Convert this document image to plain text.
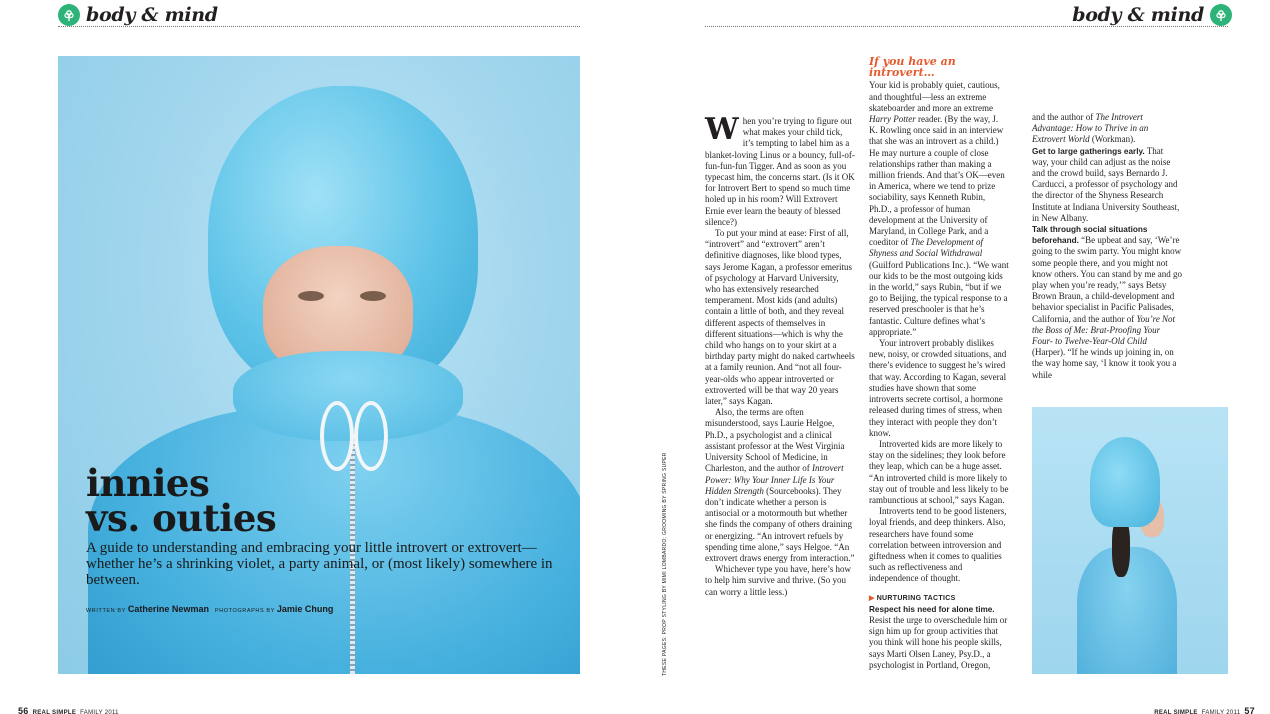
body & mind	body & mind
innies
vs. outies
A guide to understanding and embracing your little introvert or extrovert—whether he’s a shrinking violet, a party animal, or (most likely) somewhere in between.
WRITTEN BY Catherine Newman PHOTOGRAPHS BY Jamie Chung	THESE PAGES: PROP STYLING BY MIMI LOMBARDO; GROOMING BY SPRING SUPER

When you’re trying to figure out what makes your child tick, it’s tempting to label him as a blanket-loving Linus or a bouncy, full-of-fun-fun-fun Tigger. And as soon as you typecast him, the concerns start. (Is it OK for Introvert Bert to spend so much time holed up in his room? Will Extrovert Ernie ever learn the beauty of blessed silence?)

To put your mind at ease: First of all, “introvert” and “extrovert” aren’t definitive diagnoses, like blood types, says Jerome Kagan, a professor emeritus of psychology at Harvard University, who has extensively researched temperament. Most kids (and adults) contain a little of both, and they reveal different aspects of themselves in different situations—which is why the child who hangs on to your skirt at a birthday party might do naked cartwheels at a family reunion. And “not all four-year-olds who appear introverted or extroverted will be that way 20 years later,” says Kagan.

Also, the terms are often misunderstood, says Laurie Helgoe, Ph.D., a psychologist and a clinical assistant professor at the West Virginia University School of Medicine, in Charleston, and the author of Introvert Power: Why Your Inner Life Is Your Hidden Strength (Sourcebooks). They don’t indicate whether a person is antisocial or a motormouth but whether she finds the company of others draining or energizing. “An introvert refuels by spending time alone,” says Helgoe. “An extrovert draws energy from interaction.”

Whichever type you have, here’s how to help him survive and thrive. (So you can worry a little less.)

If you have an introvert…

Your kid is probably quiet, cautious, and thoughtful—less an extreme skateboarder and more an extreme Harry Potter reader. (By the way, J. K. Rowling once said in an interview that she was an introvert as a child.) He may nurture a couple of close relationships rather than making a million friends. And that’s OK—even in America, where we tend to prize sociability, says Kenneth Rubin, Ph.D., a professor of human development at the University of Maryland, in College Park, and a coeditor of The Development of Shyness and Social Withdrawal (Guilford Publications Inc.). “We want our kids to be the most outgoing kids in the world,” says Rubin, “but if we go to Beijing, the typical response to a reserved preschooler is that he’s fantastic. Culture defines what’s appropriate.”

Your introvert probably dislikes new, noisy, or crowded situations, and there’s evidence to suggest he’s wired that way. According to Kagan, several studies have shown that some introverts secrete cortisol, a hormone released during times of stress, when they interact with people they don’t know.

Introverted kids are more likely to stay on the sidelines; they look before they leap, which can be a huge asset. “An introverted child is more likely to stay out of trouble and less likely to be rambunctious at school,” says Kagan.

Introverts tend to be good listeners, loyal friends, and deep thinkers. Also, researchers have found some correlation between introversion and giftedness when it comes to qualities such as reflectiveness and independence of thought.

▶ NURTURING TACTICS
Respect his need for alone time.

Resist the urge to overschedule him or sign him up for group activities that you think will hone his people skills, says Marti Olsen Laney, Psy.D., a psychologist in Portland, Oregon,

and the author of The Introvert Advantage: How to Thrive in an Extrovert World (Workman).

Get to large gatherings early. That way, your child can adjust as the noise and the crowd build, says Bernardo J. Carducci, a professor of psychology and the director of the Shyness Research Institute at Indiana University Southeast, in New Albany.

Talk through social situations beforehand. “Be upbeat and say, ‘We’re going to the swim party. You might know some people there, and you might not know others. You can stand by me and go play when you’re ready,’” says Betsy Brown Braun, a child-development and behavior specialist in Pacific Palisades, California, and the author of You’re Not the Boss of Me: Brat-Proofing Your Four- to Twelve-Year-Old Child (Harper). “If he winds up joining in, on the way home say, ‘I know it took you a while

56 REAL SIMPLE FAMILY 2011	REAL SIMPLE FAMILY 2011 57
